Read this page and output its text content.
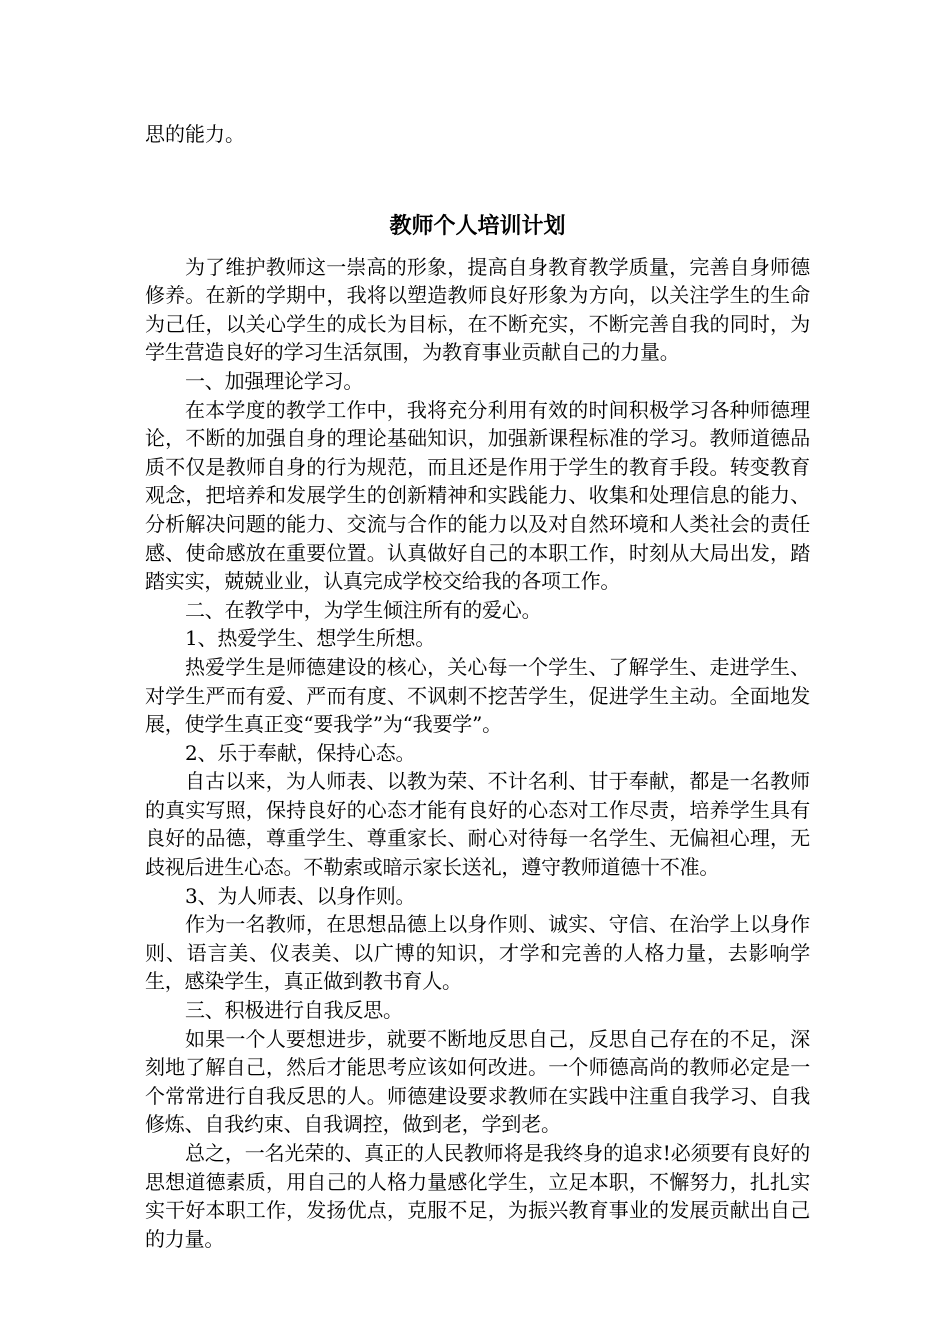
思的能力。

教师个人培训计划

为了维护教师这一崇高的形象，提高自身教育教学质量，完善自身师德修养。在新的学期中，我将以塑造教师良好形象为方向，以关注学生的生命为己任，以关心学生的成长为目标，在不断充实，不断完善自我的同时，为学生营造良好的学习生活氛围，为教育事业贡献自己的力量。

一、加强理论学习。

在本学度的教学工作中，我将充分利用有效的时间积极学习各种师德理论，不断的加强自身的理论基础知识，加强新课程标准的学习。教师道德品质不仅是教师自身的行为规范，而且还是作用于学生的教育手段。转变教育观念，把培养和发展学生的创新精神和实践能力、收集和处理信息的能力、分析解决问题的能力、交流与合作的能力以及对自然环境和人类社会的责任感、使命感放在重要位置。认真做好自己的本职工作，时刻从大局出发，踏踏实实，兢兢业业，认真完成学校交给我的各项工作。

二、在教学中，为学生倾注所有的爱心。

1、热爱学生、想学生所想。

热爱学生是师德建设的核心，关心每一个学生、了解学生、走进学生、对学生严而有爱、严而有度、不讽刺不挖苦学生，促进学生主动。全面地发展，使学生真正变“要我学”为“我要学”。

2、乐于奉献，保持心态。

自古以来，为人师表、以教为荣、不计名利、甘于奉献，都是一名教师的真实写照，保持良好的心态才能有良好的心态对工作尽责，培养学生具有良好的品德，尊重学生、尊重家长、耐心对待每一名学生、无偏袒心理，无歧视后进生心态。不勒索或暗示家长送礼，遵守教师道德十不准。

3、为人师表、以身作则。

作为一名教师，在思想品德上以身作则、诚实、守信、在治学上以身作则、语言美、仪表美、以广博的知识，才学和完善的人格力量，去影响学生，感染学生，真正做到教书育人。

三、积极进行自我反思。

如果一个人要想进步，就要不断地反思自己，反思自己存在的不足，深刻地了解自己，然后才能思考应该如何改进。一个师德高尚的教师必定是一个常常进行自我反思的人。师德建设要求教师在实践中注重自我学习、自我修炼、自我约束、自我调控，做到老，学到老。

总之，一名光荣的、真正的人民教师将是我终身的追求!必须要有良好的思想道德素质，用自己的人格力量感化学生，立足本职，不懈努力，扎扎实实干好本职工作，发扬优点，克服不足，为振兴教育事业的发展贡献出自己的力量。
